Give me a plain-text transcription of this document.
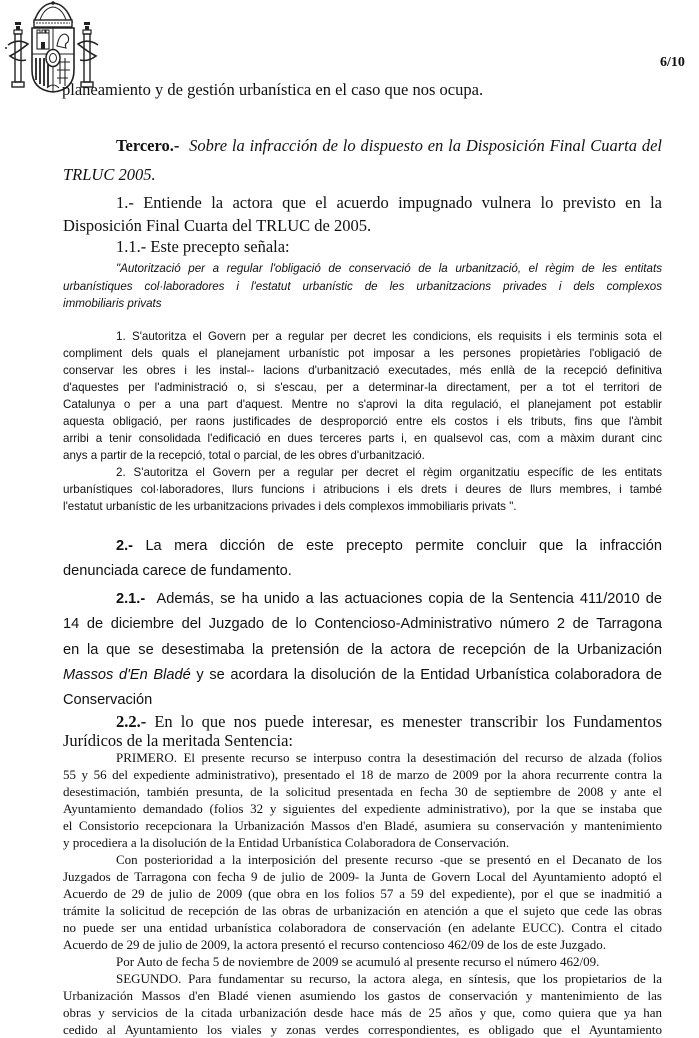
6/10
planeamiento y de gestión urbanística en el caso que nos ocupa.
Tercero.- Sobre la infracción de lo dispuesto en la Disposición Final Cuarta del
TRLUC 2005.
1.- Entiende la actora que el acuerdo impugnado vulnera lo previsto en la
Disposición Final Cuarta del TRLUC de 2005.
1.1.- Este precepto señala:
"Autorització per a regular l'obligació de conservació de la urbanització, el règim de les entitats
urbanístiques col·laboradores i l'estatut urbanístic de les urbanitzacions privades i dels complexos
immobiliaris privats
1. S'autoritza el Govern per a regular per decret les condicions, els requisits i els terminis sota el
compliment dels quals el planejament urbanístic pot imposar a les persones propietàries l'obligació de
conservar les obres i les instal-- lacions d'urbanització executades, més enllà de la recepció definitiva
d'aquestes per l'administració o, si s'escau, per a determinar-la directament, per a tot el territori de
Catalunya o per a una part d'aquest. Mentre no s'aprovi la dita regulació, el planejament pot establir
aquesta obligació, per raons justificades de desproporció entre els costos i els tributs, fins que l'àmbit
arribi a tenir consolidada l'edificació en dues terceres parts i, en qualsevol cas, com a màxim durant cinc
anys a partir de la recepció, total o parcial, de les obres d'urbanització.
2. S'autoritza el Govern per a regular per decret el règim organitzatiu específic de les entitats
urbanístiques col·laboradores, llurs funcions i atribucions i els drets i deures de llurs membres, i també
l'estatut urbanístic de les urbanitzacions privades i dels complexos immobiliaris privats ".
2.- La mera dicción de este precepto permite concluir que la infracción
denunciada carece de fundamento.
2.1.- Además, se ha unido a las actuaciones copia de la Sentencia 411/2010 de
14 de diciembre del Juzgado de lo Contencioso-Administrativo número 2 de Tarragona
en la que se desestimaba la pretensión de la actora de recepción de la Urbanización
Massos d'En Bladé y se acordara la disolución de la Entidad Urbanística colaboradora de
Conservación
2.2.- En lo que nos puede interesar, es menester transcribir los Fundamentos
Jurídicos de la meritada Sentencia:
PRIMERO. El presente recurso se interpuso contra la desestimación del recurso de alzada (folios
55 y 56 del expediente administrativo), presentado el 18 de marzo de 2009 por la ahora recurrente contra la
desestimación, también presunta, de la solicitud presentada en fecha 30 de septiembre de 2008 y ante el
Ayuntamiento demandado (folios 32 y siguientes del expediente administrativo), por la que se instaba que
el Consistorio recepcionara la Urbanización Massos d'en Bladé, asumiera su conservación y mantenimiento
y procediera a la disolución de la Entidad Urbanística Colaboradora de Conservación.
Con posterioridad a la interposición del presente recurso -que se presentó en el Decanato de los
Juzgados de Tarragona con fecha 9 de julio de 2009- la Junta de Govern Local del Ayuntamiento adoptó el
Acuerdo de 29 de julio de 2009 (que obra en los folios 57 a 59 del expediente), por el que se inadmitió a
trámite la solicitud de recepción de las obras de urbanización en atención a que el sujeto que cede las obras
no puede ser una entidad urbanística colaboradora de conservación (en adelante EUCC). Contra el citado
Acuerdo de 29 de julio de 2009, la actora presentó el recurso contencioso 462/09 de los de este Juzgado.
Por Auto de fecha 5 de noviembre de 2009 se acumuló al presente recurso el número 462/09.
SEGUNDO. Para fundamentar su recurso, la actora alega, en síntesis, que los propietarios de la
Urbanización Massos d'en Bladé vienen asumiendo los gastos de conservación y mantenimiento de las
obras y servicios de la citada urbanización desde hace más de 25 años y que, como quiera que ya han
cedido al Ayuntamiento los viales y zonas verdes correspondientes, es obligado que el Ayuntamiento
